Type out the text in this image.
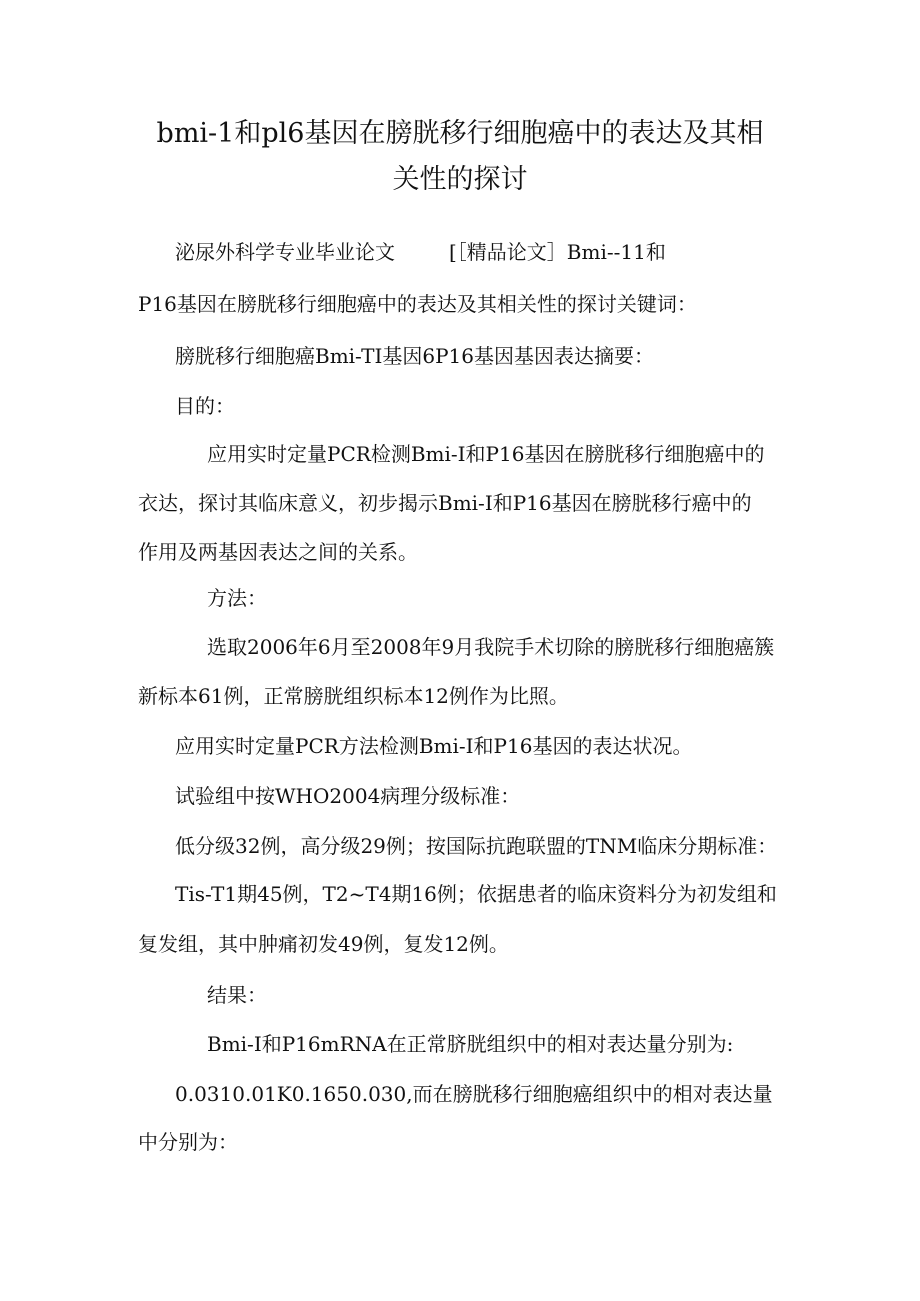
bmi-1和pl6基因在膀胱移行细胞癌中的表达及其相
关性的探讨
泌尿外科学专业毕业论文	[［精品论文］Bmi--11和
P16基因在膀胱移行细胞癌中的表达及其相关性的探讨关键词：
膀胱移行细胞癌Bmi-TI基因6P16基因基因表达摘要：
目的：
应用实时定量PCR检测Bmi-I和P16基因在膀胱移行细胞癌中的
衣达，探讨其临床意义，初步揭示Bmi-I和P16基因在膀胱移行癌中的
作用及两基因表达之间的关系。
方法：
选取2006年6月至2008年9月我院手术切除的膀胱移行细胞癌簇
新标本61例，正常膀胱组织标本12例作为比照。
应用实时定量PCR方法检测Bmi-I和P16基因的表达状况。
试验组中按WHO2004病理分级标准：
低分级32例，高分级29例；按国际抗跑联盟的TNM临床分期标准：
Tis-T1期45例，T2~T4期16例；依据患者的临床资料分为初发组和
复发组，其中肿痛初发49例，复发12例。
结果：
Bmi-I和P16mRNA在正常脐胱组织中的相对表达量分别为:
0.0310.01K0.1650.030,而在膀胱移行细胞癌组织中的相对表达量
中分别为：
